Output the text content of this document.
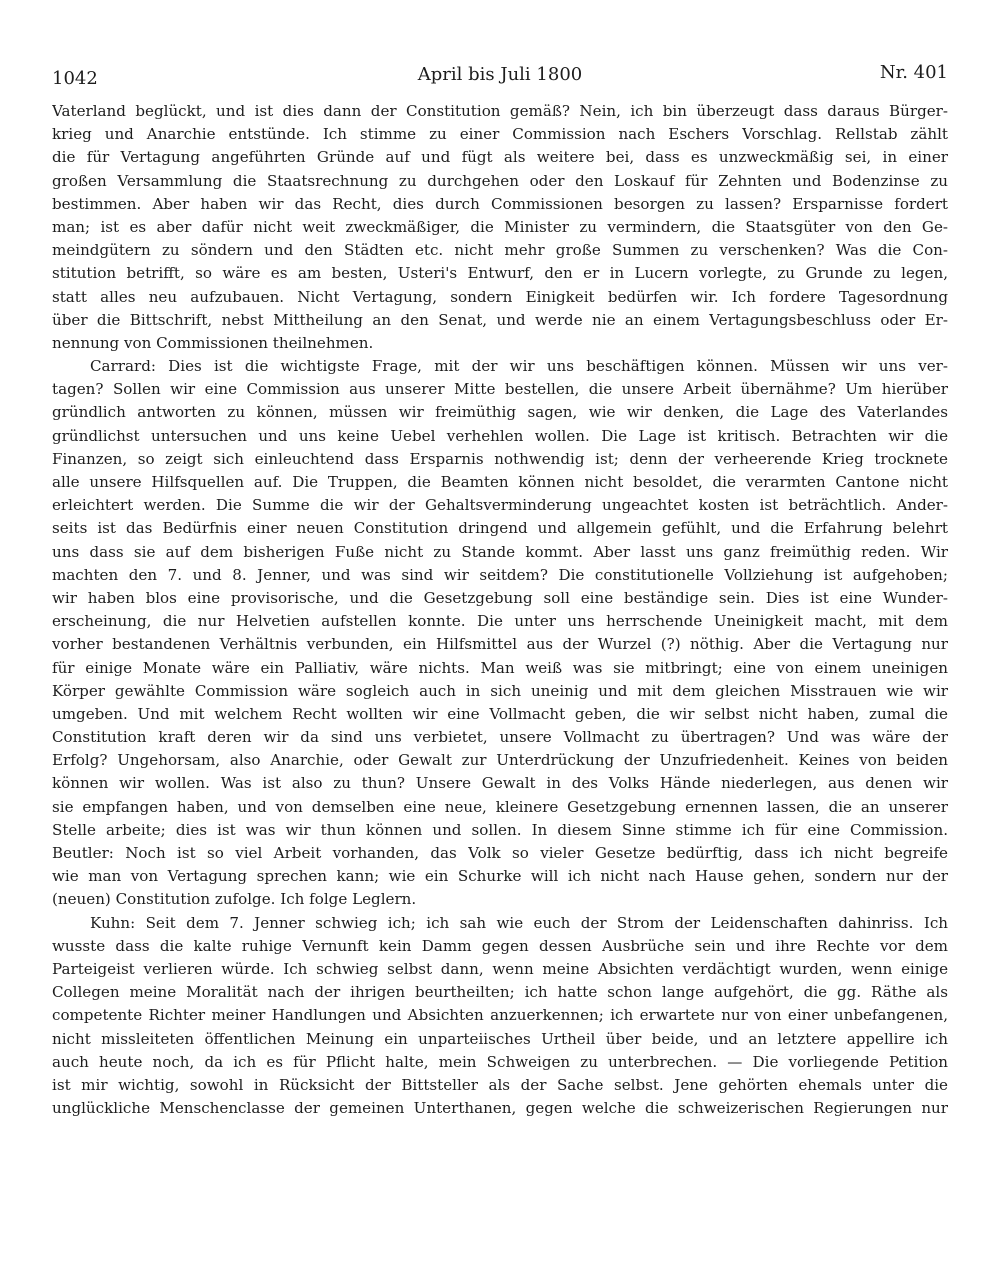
1042	April bis Juli 1800	Nr. 401
Vaterland beglückt, und ist dies dann der Constitution gemäß? Nein, ich bin überzeugt dass daraus Bürger-
krieg und Anarchie entstünde. Ich stimme zu einer Commission nach Eschers Vorschlag. Rellstab zählt
die für Vertagung angeführten Gründe auf und fügt als weitere bei, dass es unzweckmäßig sei, in einer
großen Versammlung die Staatsrechnung zu durchgehen oder den Loskauf für Zehnten und Bodenzinse zu
bestimmen. Aber haben wir das Recht, dies durch Commissionen besorgen zu lassen? Ersparnisse fordert
man; ist es aber dafür nicht weit zweckmäßiger, die Minister zu vermindern, die Staatsgüter von den Ge-
meindgütern zu söndern und den Städten etc. nicht mehr große Summen zu verschenken? Was die Con-
stitution betrifft, so wäre es am besten, Usteri's Entwurf, den er in Lucern vorlegte, zu Grunde zu legen,
statt alles neu aufzubauen. Nicht Vertagung, sondern Einigkeit bedürfen wir. Ich fordere Tagesordnung
über die Bittschrift, nebst Mittheilung an den Senat, und werde nie an einem Vertagungsbeschluss oder Er-
nennung von Commissionen theilnehmen.
Carrard: Dies ist die wichtigste Frage, mit der wir uns beschäftigen können. Müssen wir uns ver-
tagen? Sollen wir eine Commission aus unserer Mitte bestellen, die unsere Arbeit übernähme? Um hierüber
gründlich antworten zu können, müssen wir freimüthig sagen, wie wir denken, die Lage des Vaterlandes
gründlichst untersuchen und uns keine Uebel verhehlen wollen. Die Lage ist kritisch. Betrachten wir die
Finanzen, so zeigt sich einleuchtend dass Ersparnis nothwendig ist; denn der verheerende Krieg trocknete
alle unsere Hilfsquellen auf. Die Truppen, die Beamten können nicht besoldet, die verarmten Cantone nicht
erleichtert werden. Die Summe die wir der Gehaltsverminderung ungeachtet kosten ist beträchtlich. Ander-
seits ist das Bedürfnis einer neuen Constitution dringend und allgemein gefühlt, und die Erfahrung belehrt
uns dass sie auf dem bisherigen Fuße nicht zu Stande kommt. Aber lasst uns ganz freimüthig reden. Wir
machten den 7. und 8. Jenner, und was sind wir seitdem? Die constitutionelle Vollziehung ist aufgehoben;
wir haben blos eine provisorische, und die Gesetzgebung soll eine beständige sein. Dies ist eine Wunder-
erscheinung, die nur Helvetien aufstellen konnte. Die unter uns herrschende Uneinigkeit macht, mit dem
vorher bestandenen Verhältnis verbunden, ein Hilfsmittel aus der Wurzel (?) nöthig. Aber die Vertagung nur
für einige Monate wäre ein Palliativ, wäre nichts. Man weiß was sie mitbringt; eine von einem uneinigen
Körper gewählte Commission wäre sogleich auch in sich uneinig und mit dem gleichen Misstrauen wie wir
umgeben. Und mit welchem Recht wollten wir eine Vollmacht geben, die wir selbst nicht haben, zumal die
Constitution kraft deren wir da sind uns verbietet, unsere Vollmacht zu übertragen? Und was wäre der
Erfolg? Ungehorsam, also Anarchie, oder Gewalt zur Unterdrückung der Unzufriedenheit. Keines von beiden
können wir wollen. Was ist also zu thun? Unsere Gewalt in des Volks Hände niederlegen, aus denen wir
sie empfangen haben, und von demselben eine neue, kleinere Gesetzgebung ernennen lassen, die an unserer
Stelle arbeite; dies ist was wir thun können und sollen. In diesem Sinne stimme ich für eine Commission.
Beutler: Noch ist so viel Arbeit vorhanden, das Volk so vieler Gesetze bedürftig, dass ich nicht begreife
wie man von Vertagung sprechen kann; wie ein Schurke will ich nicht nach Hause gehen, sondern nur der
(neuen) Constitution zufolge. Ich folge Leglern.
Kuhn: Seit dem 7. Jenner schwieg ich; ich sah wie euch der Strom der Leidenschaften dahinriss. Ich
wusste dass die kalte ruhige Vernunft kein Damm gegen dessen Ausbrüche sein und ihre Rechte vor dem
Parteigeist verlieren würde. Ich schwieg selbst dann, wenn meine Absichten verdächtigt wurden, wenn einige
Collegen meine Moralität nach der ihrigen beurtheilten; ich hatte schon lange aufgehört, die gg. Räthe als
competente Richter meiner Handlungen und Absichten anzuerkennen; ich erwartete nur von einer unbefangenen,
nicht missleiteten öffentlichen Meinung ein unparteiisches Urtheil über beide, und an letztere appellire ich
auch heute noch, da ich es für Pflicht halte, mein Schweigen zu unterbrechen. — Die vorliegende Petition
ist mir wichtig, sowohl in Rücksicht der Bittsteller als der Sache selbst. Jene gehörten ehemals unter die
unglückliche Menschenclasse der gemeinen Unterthanen, gegen welche die schweizerischen Regierungen nur
